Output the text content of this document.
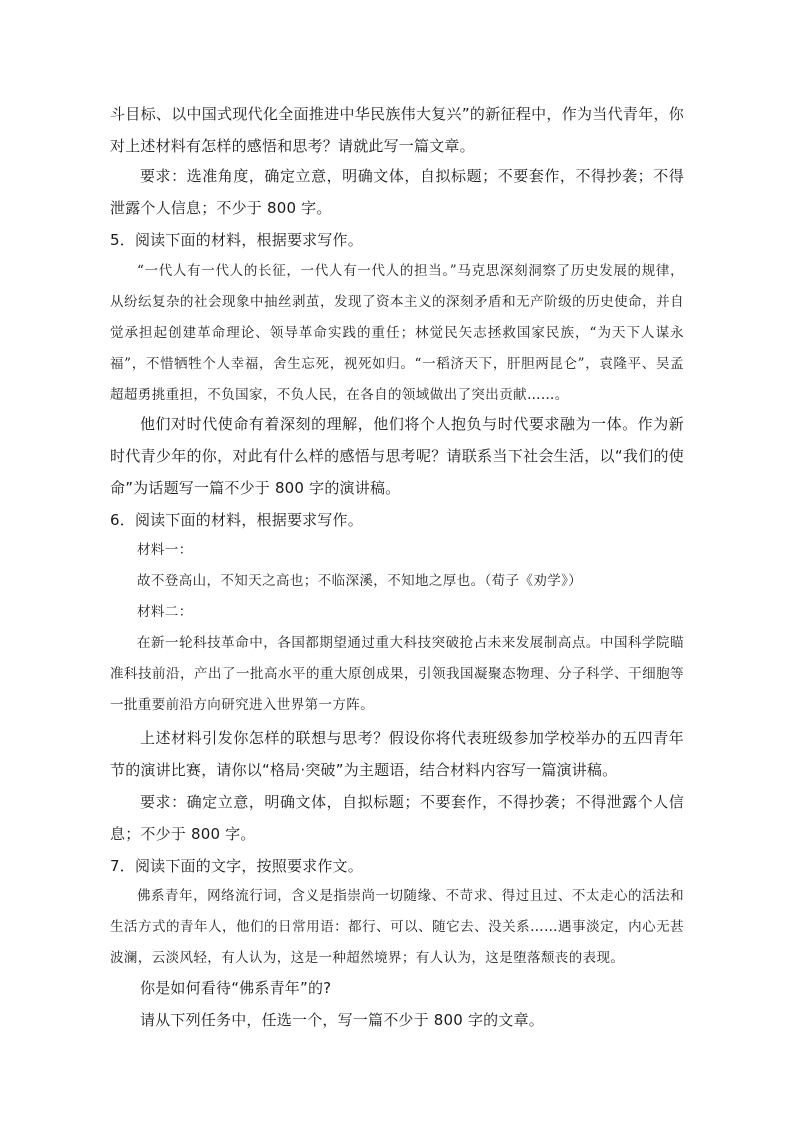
斗目标、以中国式现代化全面推进中华民族伟大复兴”的新征程中，作为当代青年，你对上述材料有怎样的感悟和思考？请就此写一篇文章。

要求：选准角度，确定立意，明确文体，自拟标题；不要套作，不得抄袭；不得泄露个人信息；不少于 800 字。

5．阅读下面的材料，根据要求写作。

“一代人有一代人的长征，一代人有一代人的担当。”马克思深刻洞察了历史发展的规律，从纷纭复杂的社会现象中抽丝剥茧，发现了资本主义的深刻矛盾和无产阶级的历史使命，并自觉承担起创建革命理论、领导革命实践的重任；林觉民矢志拯救国家民族，“为天下人谋永福”，不惜牺牲个人幸福，舍生忘死，视死如归。“一稻济天下，肝胆两昆仑”，袁隆平、吴孟超超勇挑重担，不负国家，不负人民，在各自的领域做出了突出贡献……。

他们对时代使命有着深刻的理解，他们将个人抱负与时代要求融为一体。作为新时代青少年的你，对此有什么样的感悟与思考呢？请联系当下社会生活，以“我们的使命”为话题写一篇不少于 800 字的演讲稿。

6．阅读下面的材料，根据要求写作。

材料一：

故不登高山，不知天之高也；不临深溪，不知地之厚也。（荀子《劝学》）

材料二：

在新一轮科技革命中，各国都期望通过重大科技突破抢占未来发展制高点。中国科学院瞄准科技前沿，产出了一批高水平的重大原创成果，引领我国凝聚态物理、分子科学、干细胞等一批重要前沿方向研究进入世界第一方阵。

上述材料引发你怎样的联想与思考？假设你将代表班级参加学校举办的五四青年节的演讲比赛，请你以“格局·突破”为主题语，结合材料内容写一篇演讲稿。

要求：确定立意，明确文体，自拟标题；不要套作，不得抄袭；不得泄露个人信息；不少于 800 字。

7．阅读下面的文字，按照要求作文。

佛系青年，网络流行词，含义是指崇尚一切随缘、不苛求、得过且过、不太走心的活法和生活方式的青年人，他们的日常用语：都行、可以、随它去、没关系……遇事淡定，内心无甚波澜，云淡风轻，有人认为，这是一种超然境界；有人认为，这是堕落颓丧的表现。

你是如何看待“佛系青年”的?

请从下列任务中，任选一个，写一篇不少于 800 字的文章。
